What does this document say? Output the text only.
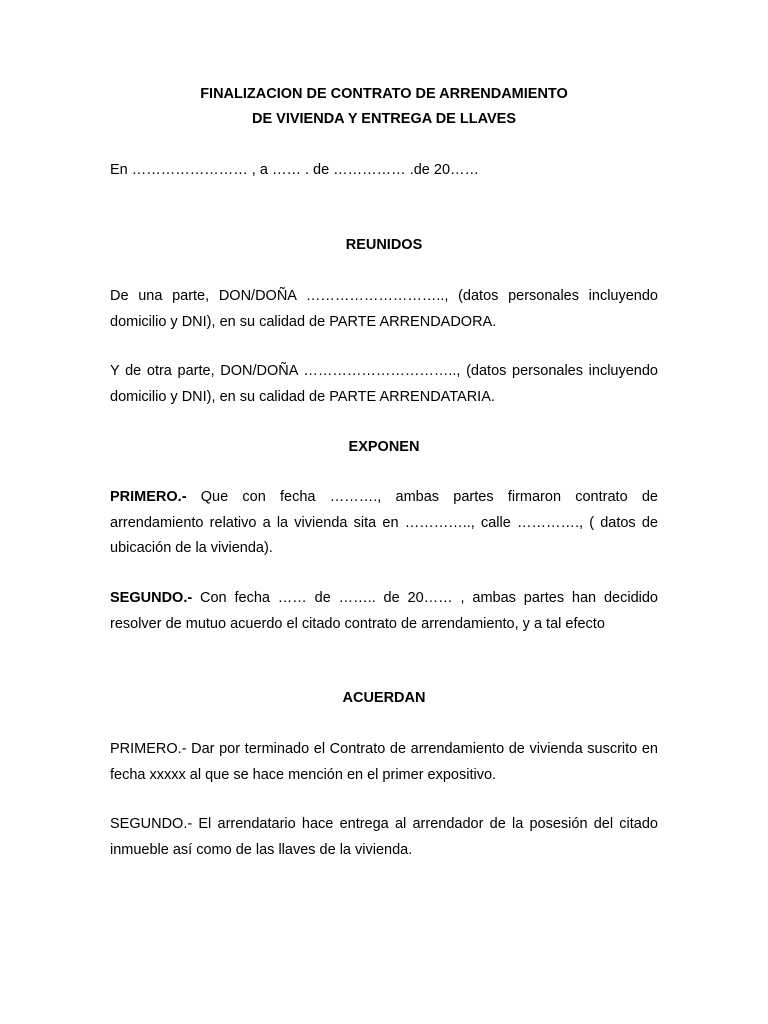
FINALIZACION DE CONTRATO DE ARRENDAMIENTO
DE VIVIENDA Y ENTREGA DE LLAVES

En …………………… , a …… . de …………… .de 20……

REUNIDOS

De una parte, DON/DOÑA ……………………….., (datos personales incluyendo domicilio y DNI), en su calidad de PARTE ARRENDADORA.

Y de otra parte, DON/DOÑA ………………………….., (datos personales incluyendo domicilio y DNI), en su calidad de PARTE ARRENDATARIA.

EXPONEN

PRIMERO.- Que con fecha ………., ambas partes firmaron contrato de arrendamiento relativo a la vivienda sita en ………….., calle …………., ( datos de ubicación de la vivienda).

SEGUNDO.- Con fecha …… de …….. de 20…… , ambas partes han decidido resolver de mutuo acuerdo el citado contrato de arrendamiento, y a tal efecto

ACUERDAN

PRIMERO.- Dar por terminado el Contrato de arrendamiento de vivienda suscrito en fecha xxxxx al que se hace mención en el primer expositivo.

SEGUNDO.- El arrendatario hace entrega al arrendador de la posesión del citado inmueble así como de las llaves de la vivienda.
